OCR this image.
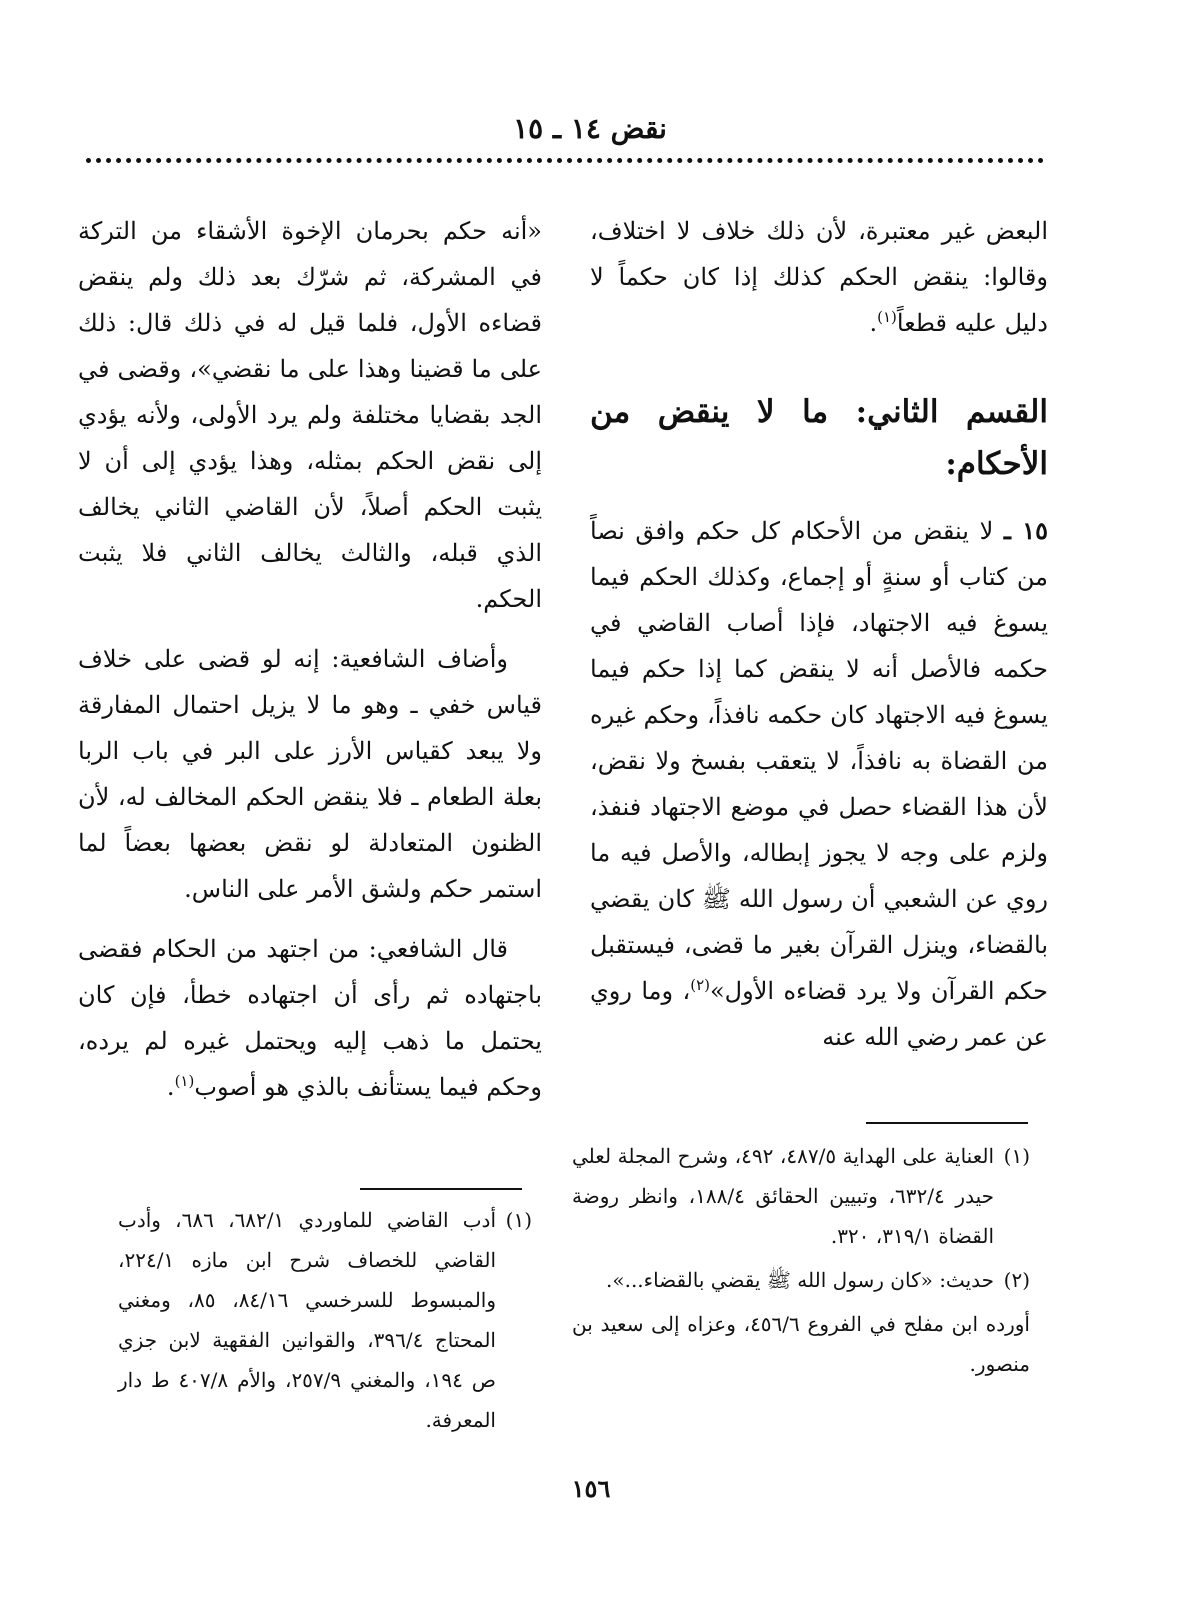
نقض ١٤ ـ ١٥

البعض غير معتبرة، لأن ذلك خلاف لا اختلاف، وقالوا: ينقض الحكم كذلك إذا كان حكماً لا دليل عليه قطعاً$^{(١)}$.

القسم الثاني: ما لا ينقض من الأحكام:

١٥ ـ لا ينقض من الأحكام كل حكم وافق نصاً من كتاب أو سنةٍ أو إجماع، وكذلك الحكم فيما يسوغ فيه الاجتهاد، فإذا أصاب القاضي في حكمه فالأصل أنه لا ينقض كما إذا حكم فيما يسوغ فيه الاجتهاد كان حكمه نافذاً، وحكم غيره من القضاة به نافذاً، لا يتعقب بفسخ ولا نقض، لأن هذا القضاء حصل في موضع الاجتهاد فنفذ، ولزم على وجه لا يجوز إبطاله، والأصل فيه ما روي عن الشعبي أن رسول الله ﷺ كان يقضي بالقضاء، وينزل القرآن بغير ما قضى، فيستقبل حكم القرآن ولا يرد قضاءه الأول»$^{(٢)}$، وما روي عن عمر رضي الله عنه

«أنه حكم بحرمان الإخوة الأشقاء من التركة في المشركة، ثم شرّك بعد ذلك ولم ينقض قضاءه الأول، فلما قيل له في ذلك قال: ذلك على ما قضينا وهذا على ما نقضي»، وقضى في الجد بقضايا مختلفة ولم يرد الأولى، ولأنه يؤدي إلى نقض الحكم بمثله، وهذا يؤدي إلى أن لا يثبت الحكم أصلاً، لأن القاضي الثاني يخالف الذي قبله، والثالث يخالف الثاني فلا يثبت الحكم.

وأضاف الشافعية: إنه لو قضى على خلاف قياس خفي ـ وهو ما لا يزيل احتمال المفارقة ولا يبعد كقياس الأرز على البر في باب الربا بعلة الطعام ـ فلا ينقض الحكم المخالف له، لأن الظنون المتعادلة لو نقض بعضها بعضاً لما استمر حكم ولشق الأمر على الناس.

قال الشافعي: من اجتهد من الحكام فقضى باجتهاده ثم رأى أن اجتهاده خطأ، فإن كان يحتمل ما ذهب إليه ويحتمل غيره لم يرده، وحكم فيما يستأنف بالذي هو أصوب$^{(١)}$.

(١)
العناية على الهداية ٤٨٧/٥، ٤٩٢، وشرح المجلة لعلي حيدر ٦٣٢/٤، وتبيين الحقائق ١٨٨/٤، وانظر روضة القضاة ٣١٩/١، ٣٢٠.
(٢)
حديث: «كان رسول الله ﷺ يقضي بالقضاء...».
أورده ابن مفلح في الفروع ٤٥٦/٦، وعزاه إلى سعيد بن منصور.
(١)
أدب القاضي للماوردي ٦٨٢/١، ٦٨٦، وأدب القاضي للخصاف شرح ابن مازه ٢٢٤/١، والمبسوط للسرخسي ٨٤/١٦، ٨٥، ومغني المحتاج ٣٩٦/٤، والقوانين الفقهية لابن جزي ص ١٩٤، والمغني ٢٥٧/٩، والأم ٤٠٧/٨ ط دار المعرفة.
١٥٦
